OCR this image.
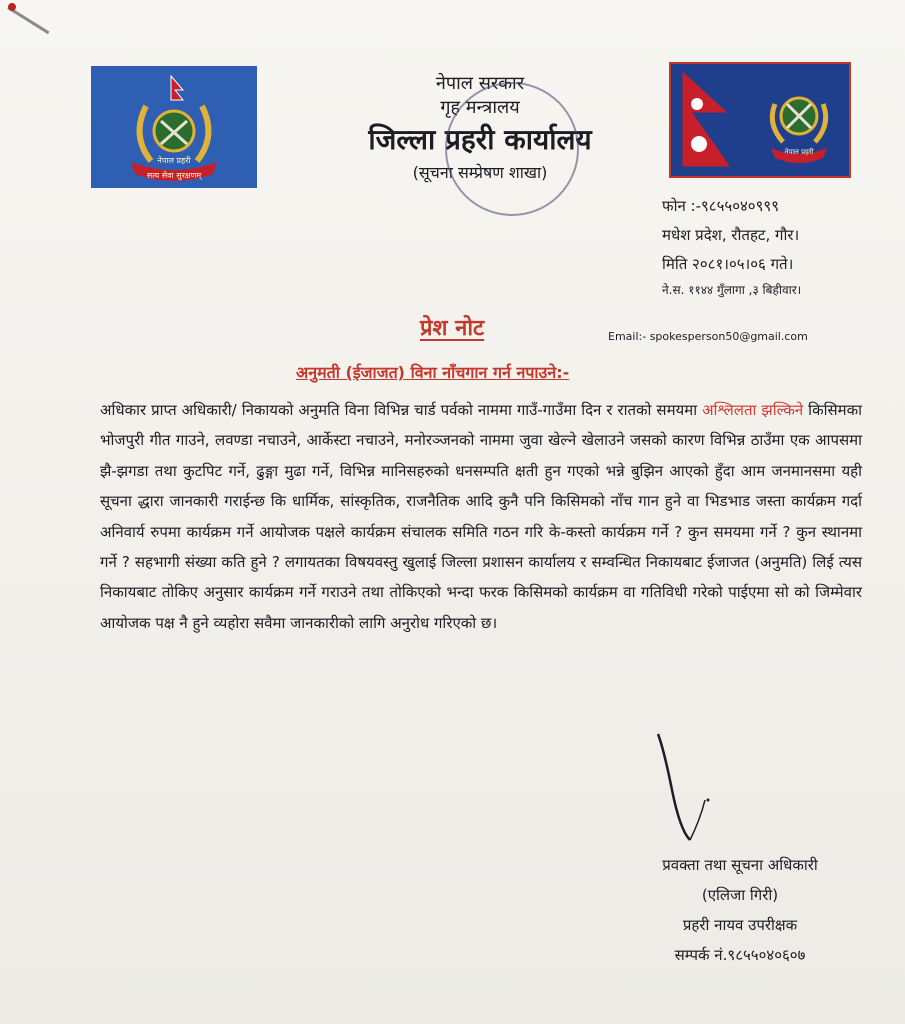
नेपाल प्रहरी
सत्य सेवा सुरक्षणम्
नेपाल प्रहरी
नेपाल सरकार
गृह मन्त्रालय
जिल्ला प्रहरी कार्यालय
(सूचना सम्प्रेषण शाखा)
फोन :-९८५५०४०९९९
मधेश प्रदेश, रौतहट, गौर।
मिति २०८१।०५।०६ गते।
ने.स. ११४४ गुँलागा ,३ बिहीवार।
प्रेश नोट	Email:- spokesperson50@gmail.com
अनुमती (ईजाजत) विना नाँचगान गर्न नपाउने:-
अधिकार प्राप्त अधिकारी/ निकायको अनुमति विना विभिन्न चार्ड पर्वको नाममा गाउँ-गाउँमा दिन र रातको समयमा अश्लिलता झल्किने किसिमका भोजपुरी गीत गाउने, लवण्डा नचाउने, आर्केस्टा नचाउने, मनोरञ्जनको नाममा जुवा खेल्ने खेलाउने जसको कारण विभिन्न ठाउँमा एक आपसमा झै-झगडा तथा कुटपिट गर्ने, ढुङ्गा मुढा गर्ने, विभिन्न मानिसहरुको धनसम्पति क्षती हुन गएको भन्ने बुझिन आएको हुँदा आम जनमानसमा यही सूचना द्धारा जानकारी गराईन्छ कि धार्मिक, सांस्कृतिक, राजनैतिक आदि कुनै पनि किसिमको नाँच गान हुने वा भिडभाड जस्ता कार्यक्रम गर्दा अनिवार्य रुपमा कार्यक्रम गर्ने आयोजक पक्षले कार्यक्रम संचालक समिति गठन गरि के-कस्तो कार्यक्रम गर्ने ? कुन समयमा गर्ने ? कुन स्थानमा गर्ने ? सहभागी संख्या कति हुने ? लगायतका विषयवस्तु खुलाई जिल्ला प्रशासन कार्यालय र सम्वन्धित निकायबाट ईजाजत (अनुमति) लिई त्यस निकायबाट तोकिए अनुसार कार्यक्रम गर्ने गराउने तथा तोकिएको भन्दा फरक किसिमको कार्यक्रम वा गतिविधी गरेको पाईएमा सो को जिम्मेवार आयोजक पक्ष नै हुने व्यहोरा सवैमा जानकारीको लागि अनुरोध गरिएको छ।
प्रवक्ता तथा सूचना अधिकारी
(एलिजा गिरी)
प्रहरी नायव उपरीक्षक
सम्पर्क नं.९८५५०४०६०७
